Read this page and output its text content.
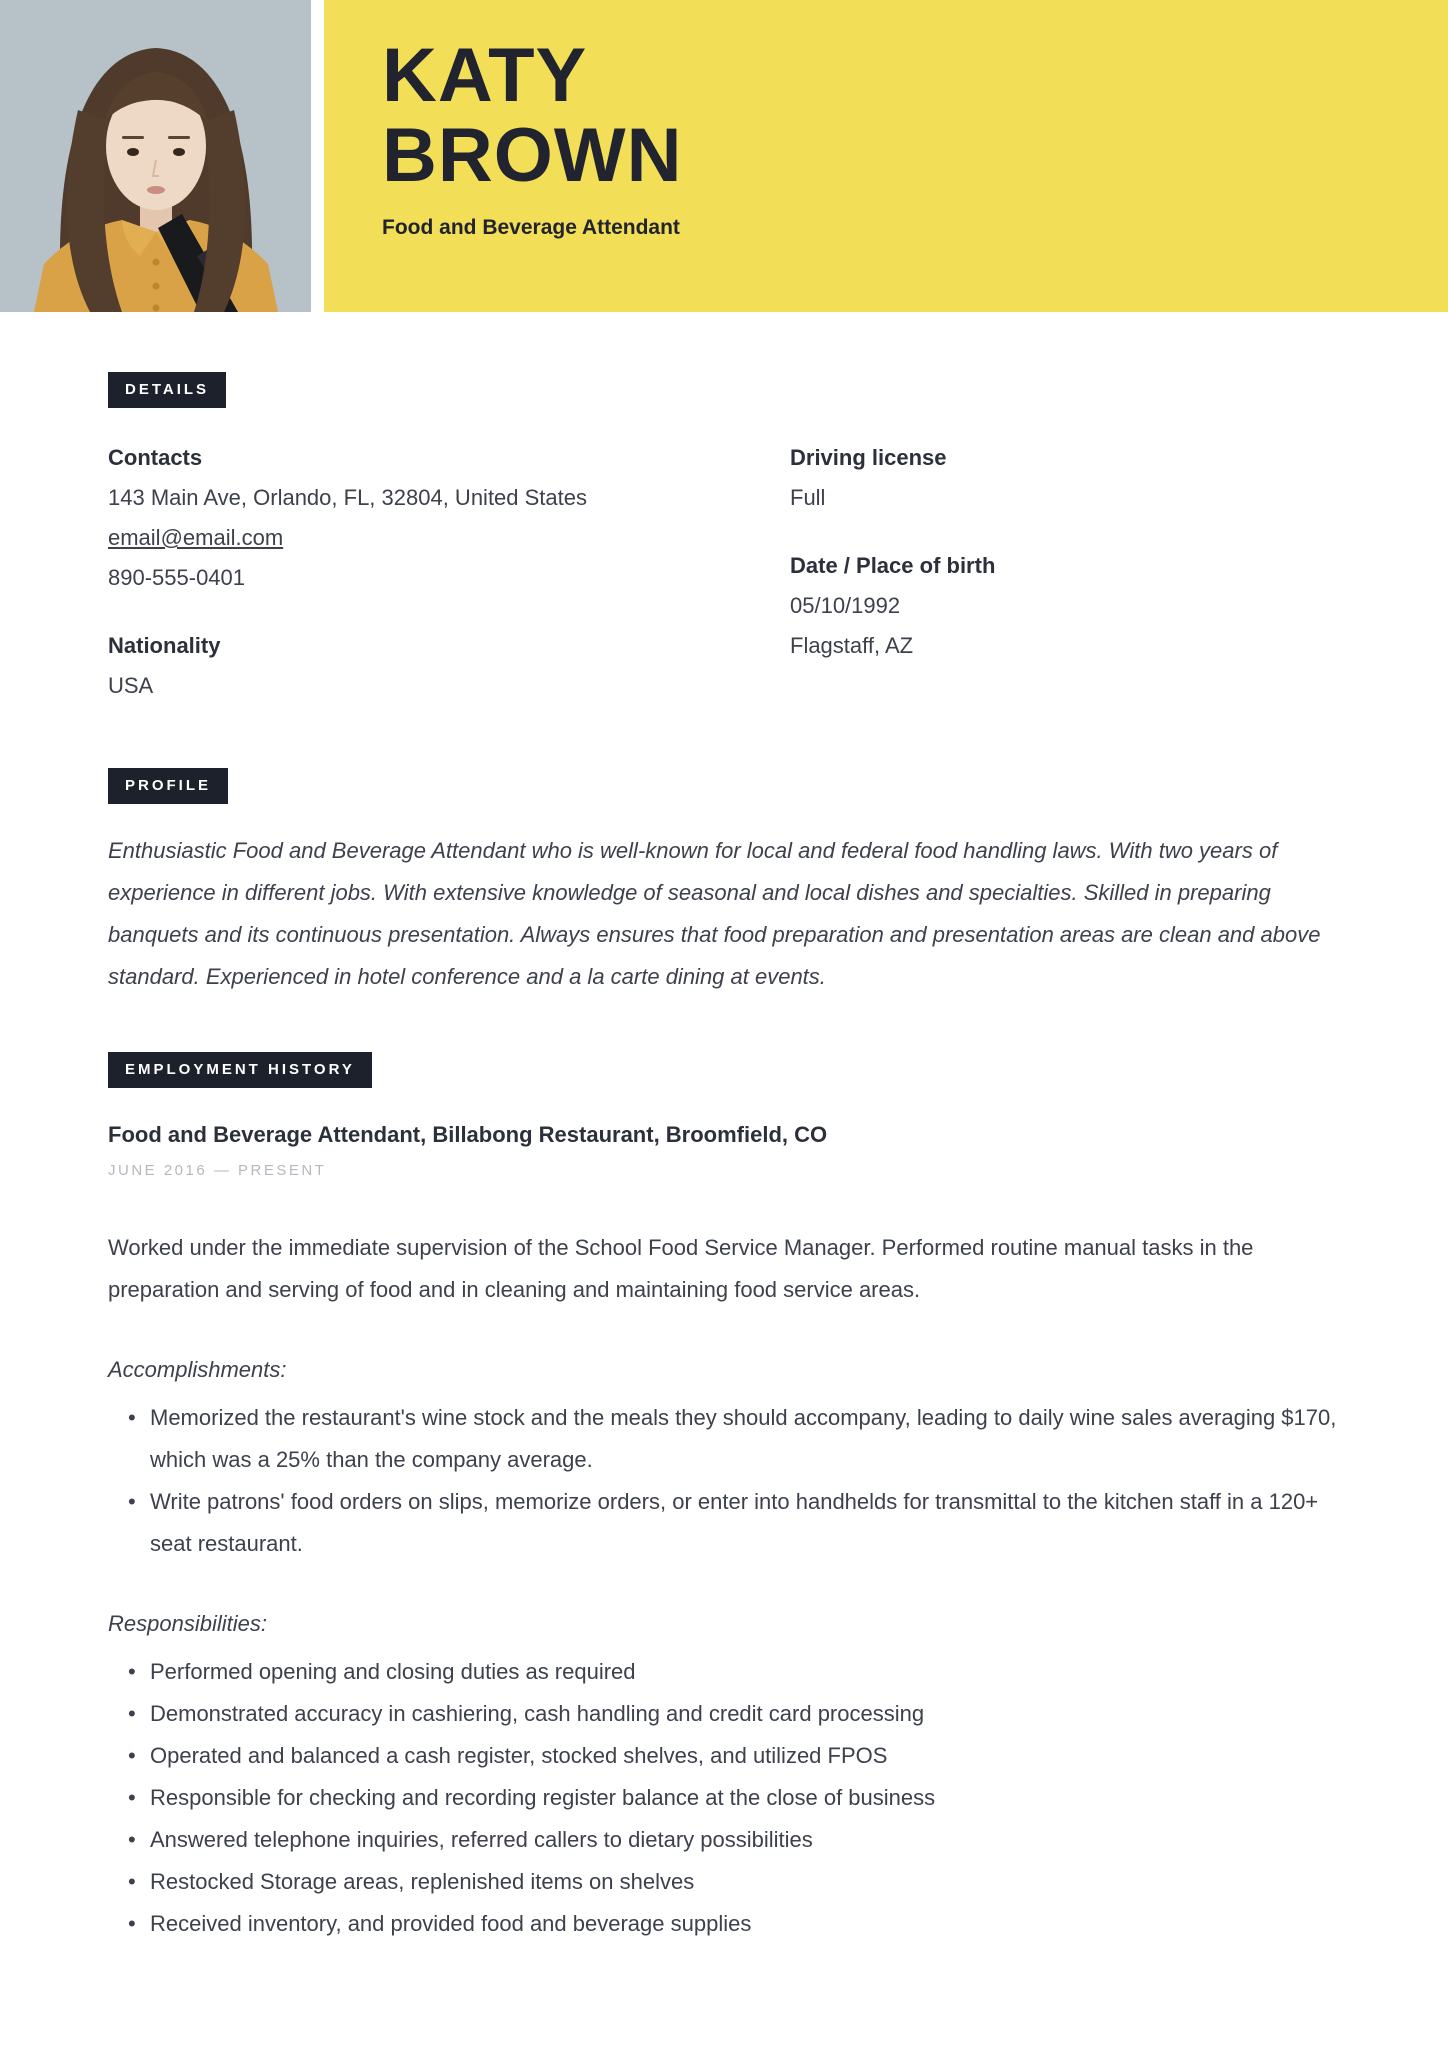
KATY
BROWN
Food and Beverage Attendant
DETAILS
Contacts
143 Main Ave, Orlando, FL, 32804, United States
email@email.com
890-555-0401
Nationality
USA
Driving license
Full
Date / Place of birth
05/10/1992
Flagstaff, AZ
PROFILE
Enthusiastic Food and Beverage Attendant who is well-known for local and federal food handling laws. With two years of experience in different jobs. With extensive knowledge of seasonal and local dishes and specialties. Skilled in preparing banquets and its continuous presentation. Always ensures that food preparation and presentation areas are clean and above standard. Experienced in hotel conference and a la carte dining at events.
EMPLOYMENT HISTORY
Food and Beverage Attendant, Billabong Restaurant, Broomfield, CO
JUNE 2016 — PRESENT
Worked under the immediate supervision of the School Food Service Manager. Performed routine manual tasks in the preparation and serving of food and in cleaning and maintaining food service areas.
Accomplishments:
• Memorized the restaurant's wine stock and the meals they should accompany, leading to daily wine sales averaging $170, which was a 25% than the company average.
• Write patrons' food orders on slips, memorize orders, or enter into handhelds for transmittal to the kitchen staff in a 120+ seat restaurant.
Responsibilities:
• Performed opening and closing duties as required
• Demonstrated accuracy in cashiering, cash handling and credit card processing
• Operated and balanced a cash register, stocked shelves, and utilized FPOS
• Responsible for checking and recording register balance at the close of business
• Answered telephone inquiries, referred callers to dietary possibilities
• Restocked Storage areas, replenished items on shelves
• Received inventory, and provided food and beverage supplies
